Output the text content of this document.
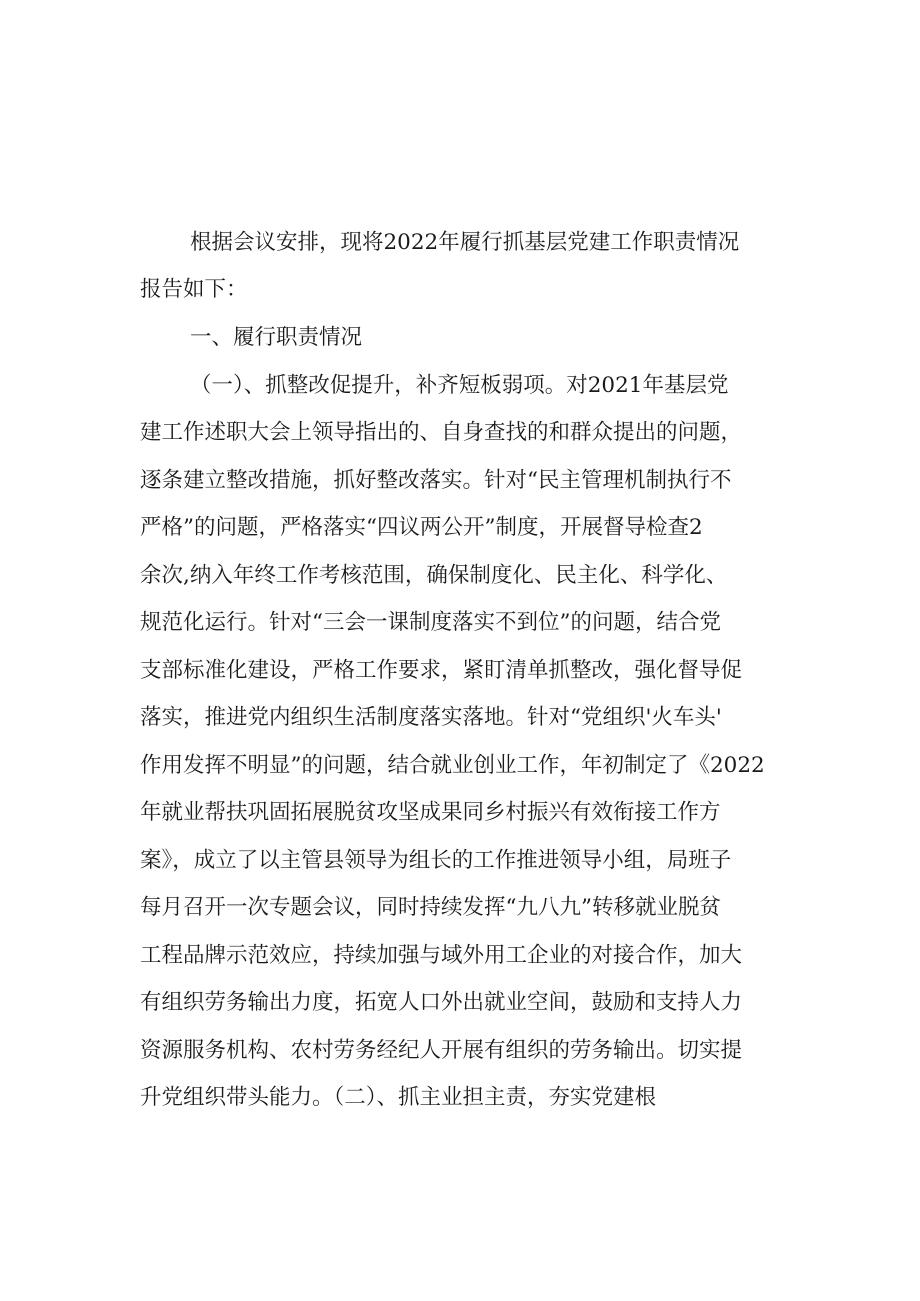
根据会议安排，现将2022年履行抓基层党建工作职责情况
报告如下：
一、履行职责情况
（一）、抓整改促提升，补齐短板弱项。对2021年基层党
建工作述职大会上领导指出的、自身查找的和群众提出的问题，
逐条建立整改措施，抓好整改落实。针对“民主管理机制执行不
严格”的问题，严格落实“四议两公开”制度，开展督导检查2
余次,纳入年终工作考核范围，确保制度化、民主化、科学化、
规范化运行。针对“三会一课制度落实不到位”的问题，结合党
支部标准化建设，严格工作要求，紧盯清单抓整改，强化督导促
落实，推进党内组织生活制度落实落地。针对“党组织'火车头'
作用发挥不明显”的问题，结合就业创业工作，年初制定了《2022
年就业帮扶巩固拓展脱贫攻坚成果同乡村振兴有效衔接工作方
案》，成立了以主管县领导为组长的工作推进领导小组，局班子
每月召开一次专题会议，同时持续发挥“九八九”转移就业脱贫
工程品牌示范效应，持续加强与域外用工企业的对接合作，加大
有组织劳务输出力度，拓宽人口外出就业空间，鼓励和支持人力
资源服务机构、农村劳务经纪人开展有组织的劳务输出。切实提
升党组织带头能力。（二）、抓主业担主责，夯实党建根
